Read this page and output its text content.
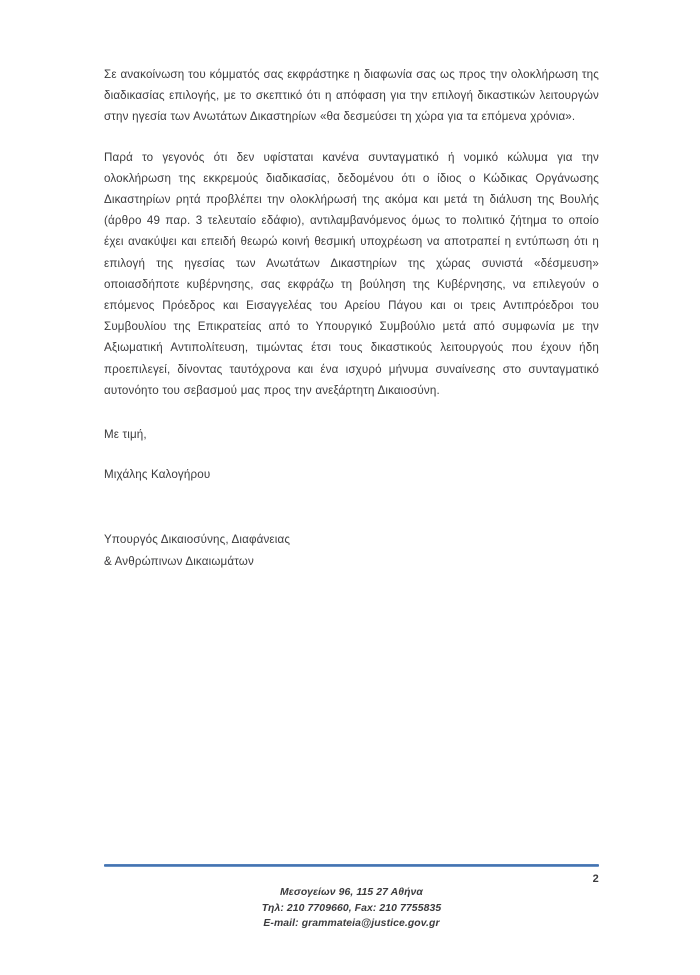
Σε ανακοίνωση του κόμματός σας εκφράστηκε η διαφωνία σας ως προς την ολοκλήρωση της διαδικασίας επιλογής, με το σκεπτικό ότι η απόφαση για την επιλογή δικαστικών λειτουργών στην ηγεσία των Ανωτάτων Δικαστηρίων «θα δεσμεύσει τη χώρα για τα επόμενα χρόνια».

Παρά το γεγονός ότι δεν υφίσταται κανένα συνταγματικό ή νομικό κώλυμα για την ολοκλήρωση της εκκρεμούς διαδικασίας, δεδομένου ότι ο ίδιος ο Κώδικας Οργάνωσης Δικαστηρίων ρητά προβλέπει την ολοκλήρωσή της ακόμα και μετά τη διάλυση της Βουλής (άρθρο 49 παρ. 3 τελευταίο εδάφιο), αντιλαμβανόμενος όμως το πολιτικό ζήτημα το οποίο έχει ανακύψει και επειδή θεωρώ κοινή θεσμική υποχρέωση να αποτραπεί η εντύπωση ότι η επιλογή της ηγεσίας των Ανωτάτων Δικαστηρίων της χώρας συνιστά «δέσμευση» οποιασδήποτε κυβέρνησης, σας εκφράζω τη βούληση της Κυβέρνησης, να επιλεγούν ο επόμενος Πρόεδρος και Εισαγγελέας του Αρείου Πάγου και οι τρεις Αντιπρόεδροι του Συμβουλίου της Επικρατείας από το Υπουργικό Συμβούλιο μετά από συμφωνία με την Αξιωματική Αντιπολίτευση, τιμώντας έτσι τους δικαστικούς λειτουργούς που έχουν ήδη προεπιλεγεί, δίνοντας ταυτόχρονα και ένα ισχυρό μήνυμα συναίνεσης στο συνταγματικό αυτονόητο του σεβασμού μας προς την ανεξάρτητη Δικαιοσύνη.

Με τιμή,

Μιχάλης Καλογήρου

Υπουργός Δικαιοσύνης, Διαφάνειας
& Ανθρώπινων Δικαιωμάτων

2
Μεσογείων 96, 115 27 Αθήνα
Τηλ: 210 7709660, Fax: 210 7755835
E-mail: grammateia@justice.gov.gr
